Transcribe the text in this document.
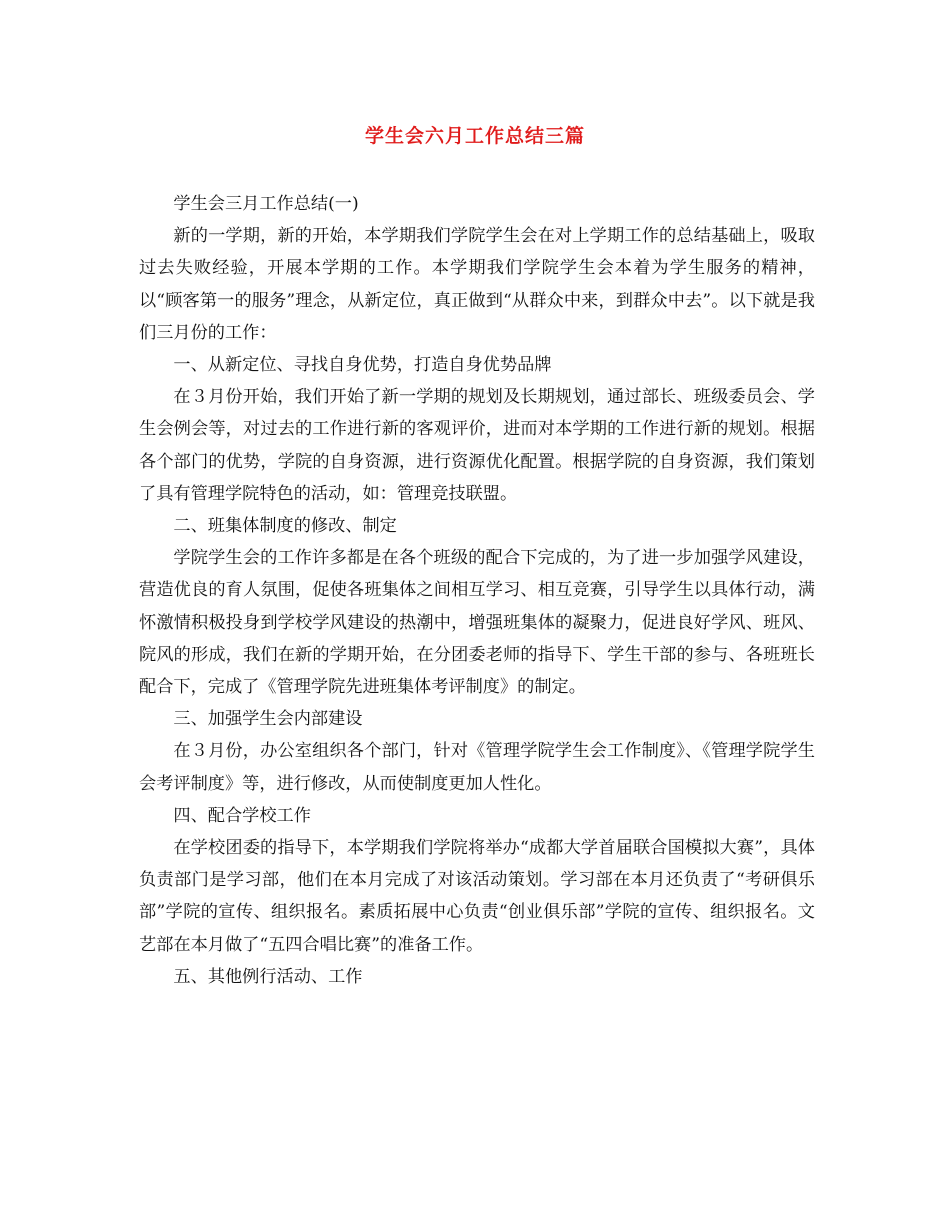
学生会六月工作总结三篇

学生会三月工作总结(一)

新的一学期，新的开始，本学期我们学院学生会在对上学期工作的总结基础上，吸取过去失败经验，开展本学期的工作。本学期我们学院学生会本着为学生服务的精神，以“顾客第一的服务”理念，从新定位，真正做到“从群众中来，到群众中去”。以下就是我们三月份的工作：

一、从新定位、寻找自身优势，打造自身优势品牌

在３月份开始，我们开始了新一学期的规划及长期规划，通过部长、班级委员会、学生会例会等，对过去的工作进行新的客观评价，进而对本学期的工作进行新的规划。根据各个部门的优势，学院的自身资源，进行资源优化配置。根据学院的自身资源，我们策划了具有管理学院特色的活动，如：管理竞技联盟。

二、班集体制度的修改、制定

学院学生会的工作许多都是在各个班级的配合下完成的，为了进一步加强学风建设，营造优良的育人氛围，促使各班集体之间相互学习、相互竞赛，引导学生以具体行动，满怀激情积极投身到学校学风建设的热潮中，增强班集体的凝聚力，促进良好学风、班风、院风的形成，我们在新的学期开始，在分团委老师的指导下、学生干部的参与、各班班长配合下，完成了《管理学院先进班集体考评制度》的制定。

三、加强学生会内部建设

在３月份，办公室组织各个部门，针对《管理学院学生会工作制度》、《管理学院学生会考评制度》等，进行修改，从而使制度更加人性化。

四、配合学校工作

在学校团委的指导下，本学期我们学院将举办“成都大学首届联合国模拟大赛”，具体负责部门是学习部，他们在本月完成了对该活动策划。学习部在本月还负责了“考研俱乐部”学院的宣传、组织报名。素质拓展中心负责“创业俱乐部”学院的宣传、组织报名。文艺部在本月做了“五四合唱比赛”的准备工作。

五、其他例行活动、工作
